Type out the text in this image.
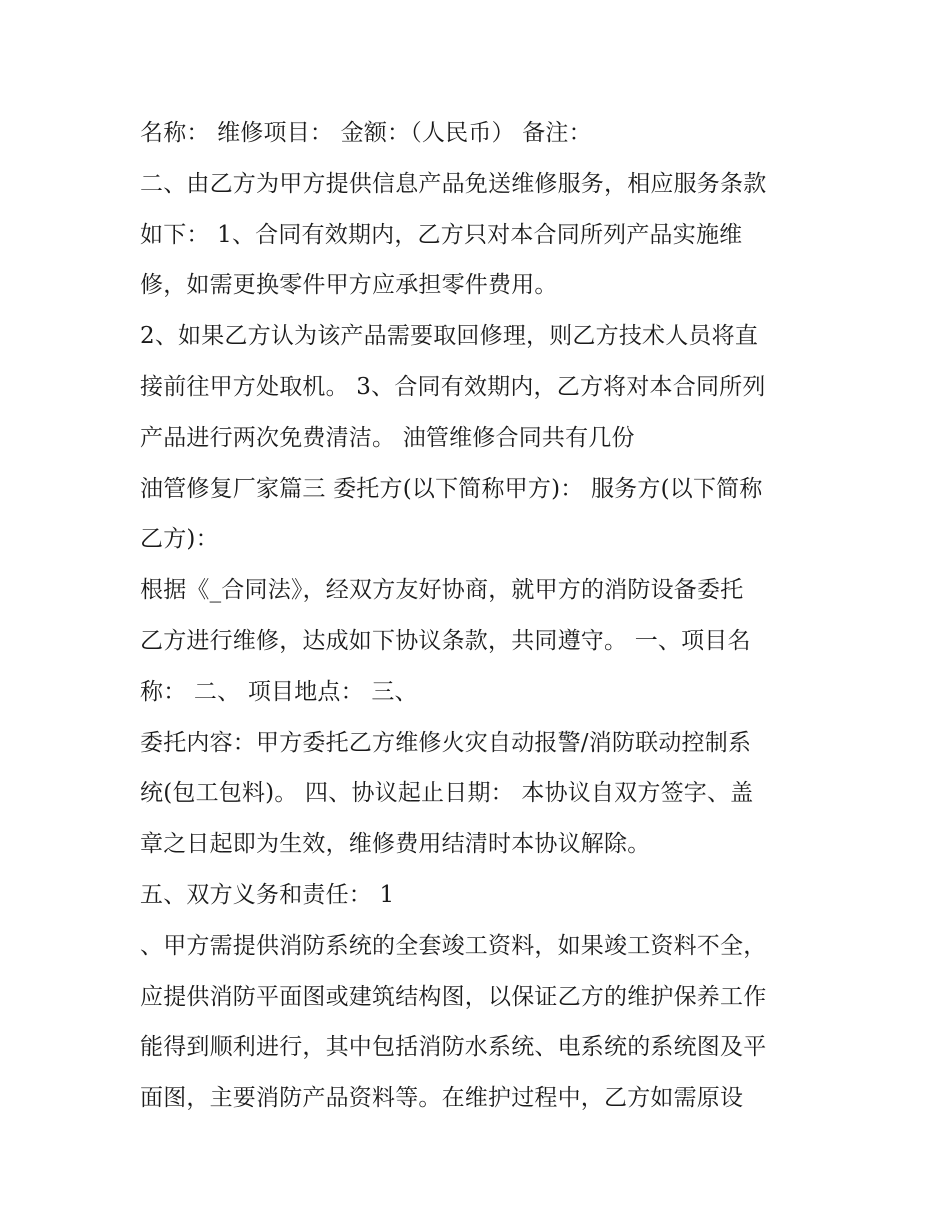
名称： 维修项目： 金额：（人民币） 备注：
二、由乙方为甲方提供信息产品免送维修服务，相应服务条款
如下： 1、合同有效期内，乙方只对本合同所列产品实施维
修，如需更换零件甲方应承担零件费用。
2、如果乙方认为该产品需要取回修理，则乙方技术人员将直
接前往甲方处取机。 3、合同有效期内，乙方将对本合同所列
产品进行两次免费清洁。 油管维修合同共有几份
油管修复厂家篇三 委托方(以下简称甲方)： 服务方(以下简称
乙方)：
根据《_合同法》，经双方友好协商，就甲方的消防设备委托
乙方进行维修，达成如下协议条款，共同遵守。 一、项目名
称： 二、 项目地点： 三、
委托内容：甲方委托乙方维修火灾自动报警/消防联动控制系
统(包工包料)。 四、协议起止日期： 本协议自双方签字、盖
章之日起即为生效，维修费用结清时本协议解除。
五、双方义务和责任： 1
、甲方需提供消防系统的全套竣工资料，如果竣工资料不全，
应提供消防平面图或建筑结构图，以保证乙方的维护保养工作
能得到顺利进行，其中包括消防水系统、电系统的系统图及平
面图，主要消防产品资料等。在维护过程中，乙方如需原设
